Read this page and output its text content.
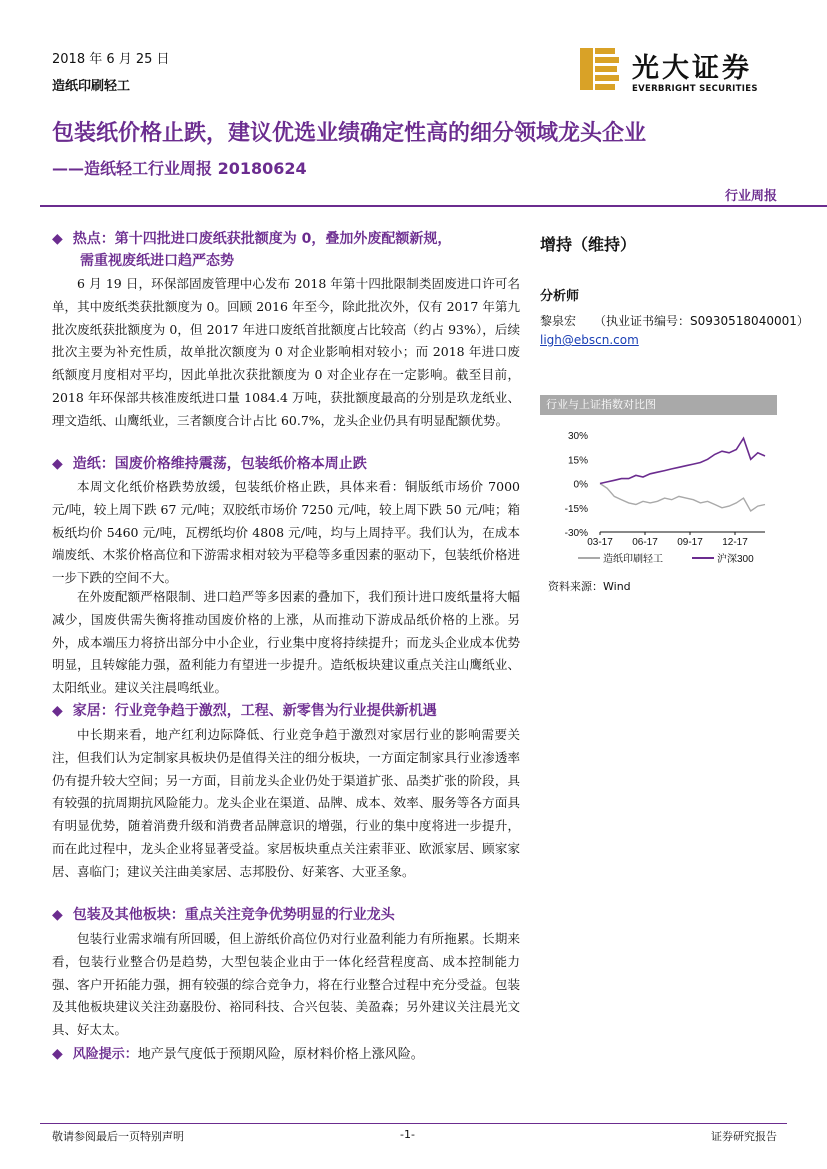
2018 年 6 月 25 日
造纸印刷轻工
光大证券
EVERBRIGHT SECURITIES
包装纸价格止跌，建议优选业绩确定性高的细分领域龙头企业
——造纸轻工行业周报 20180624
行业周报
◆ 热点：第十四批进口废纸获批额度为 0，叠加外废配额新规，
需重视废纸进口趋严态势
6 月 19 日，环保部固废管理中心发布 2018 年第十四批限制类固废进口许可名单，其中废纸类获批额度为 0。回顾 2016 年至今，除此批次外，仅有 2017 年第九批次废纸获批额度为 0，但 2017 年进口废纸首批额度占比较高（约占 93%），后续批次主要为补充性质，故单批次额度为 0 对企业影响相对较小；而 2018 年进口废纸额度月度相对平均，因此单批次获批额度为 0 对企业存在一定影响。截至目前，2018 年环保部共核准废纸进口量 1084.4 万吨，获批额度最高的分别是玖龙纸业、理文造纸、山鹰纸业，三者额度合计占比 60.7%，龙头企业仍具有明显配额优势。
◆ 造纸：国废价格维持震荡，包装纸价格本周止跌
本周文化纸价格跌势放缓，包装纸价格止跌，具体来看：铜版纸市场价 7000 元/吨，较上周下跌 67 元/吨；双胶纸市场价 7250 元/吨，较上周下跌 50 元/吨；箱板纸均价 5460 元/吨，瓦楞纸均价 4808 元/吨，均与上周持平。我们认为，在成本端废纸、木浆价格高位和下游需求相对较为平稳等多重因素的驱动下，包装纸价格进一步下跌的空间不大。
在外废配额严格限制、进口趋严等多因素的叠加下，我们预计进口废纸量将大幅减少，国废供需失衡将推动国废价格的上涨，从而推动下游成品纸价格的上涨。另外，成本端压力将挤出部分中小企业，行业集中度将持续提升；而龙头企业成本优势明显，且转嫁能力强，盈利能力有望进一步提升。造纸板块建议重点关注山鹰纸业、太阳纸业。建议关注晨鸣纸业。
◆ 家居：行业竞争趋于激烈，工程、新零售为行业提供新机遇
中长期来看，地产红利边际降低、行业竞争趋于激烈对家居行业的影响需要关注，但我们认为定制家具板块仍是值得关注的细分板块，一方面定制家具行业渗透率仍有提升较大空间；另一方面，目前龙头企业仍处于渠道扩张、品类扩张的阶段，具有较强的抗周期抗风险能力。龙头企业在渠道、品牌、成本、效率、服务等各方面具有明显优势，随着消费升级和消费者品牌意识的增强，行业的集中度将进一步提升，而在此过程中，龙头企业将显著受益。家居板块重点关注索菲亚、欧派家居、顾家家居、喜临门；建议关注曲美家居、志邦股份、好莱客、大亚圣象。
◆ 包装及其他板块：重点关注竞争优势明显的行业龙头
包装行业需求端有所回暖，但上游纸价高位仍对行业盈利能力有所拖累。长期来看，包装行业整合仍是趋势，大型包装企业由于一体化经营程度高、成本控制能力强、客户开拓能力强，拥有较强的综合竞争力，将在行业整合过程中充分受益。包装及其他板块建议关注劲嘉股份、裕同科技、合兴包装、美盈森；另外建议关注晨光文具、好太太。
◆ 风险提示：地产景气度低于预期风险，原材料价格上涨风险。
增持（维持）
分析师
黎泉宏　　（执业证书编号：S0930518040001）
ligh@ebscn.com
行业与上证指数对比图
30%
15%
0%
-15%
-30%
03-17 06-17 09-17 12-17
造纸印刷轻工	沪深300
资料来源：Wind
敬请参阅最后一页特别声明	-1-	证券研究报告
